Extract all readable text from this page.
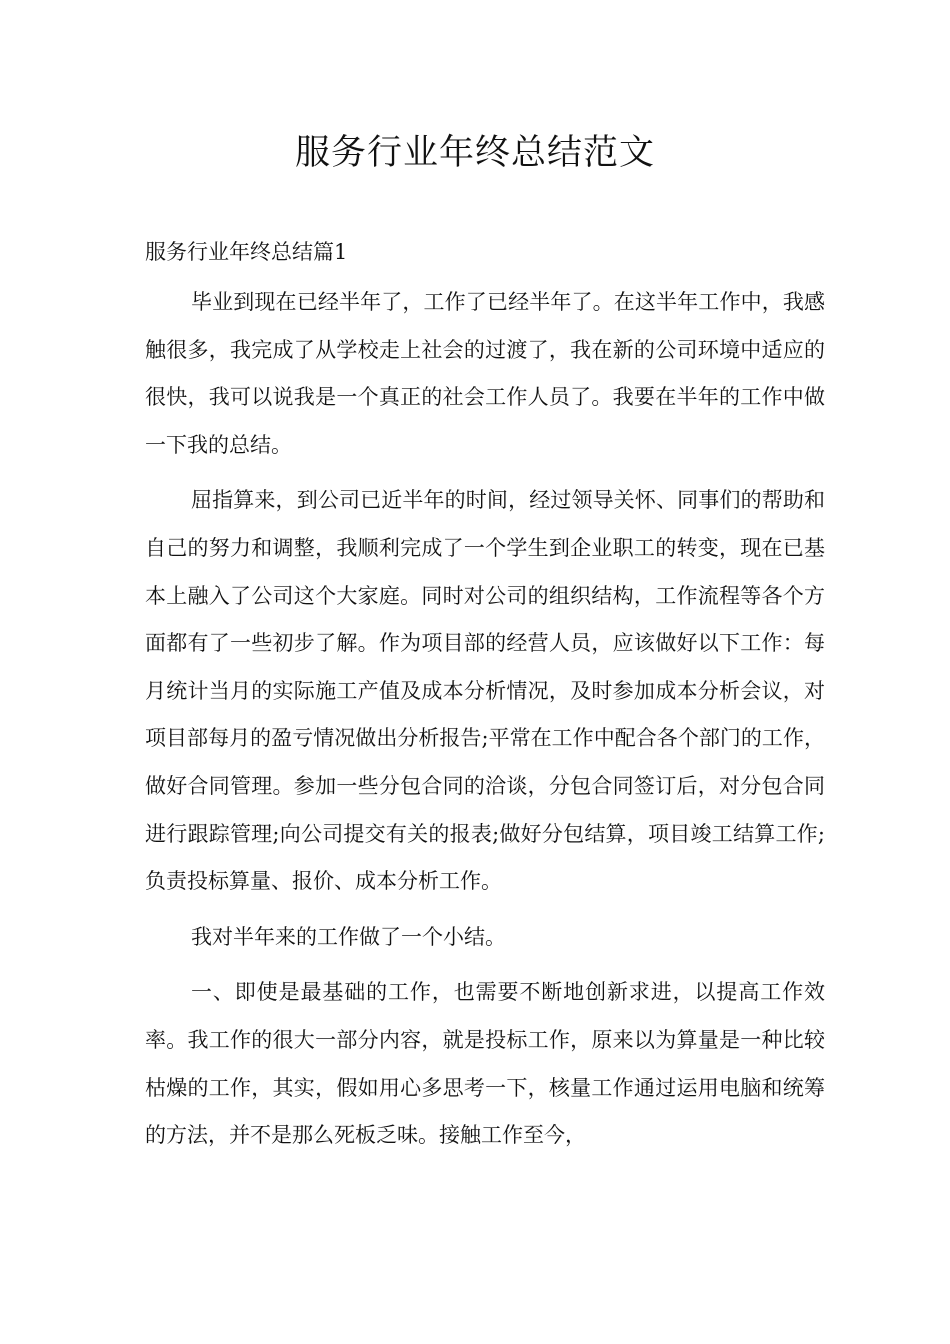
服务行业年终总结范文

服务行业年终总结篇1

毕业到现在已经半年了，工作了已经半年了。在这半年工作中，我感触很多，我完成了从学校走上社会的过渡了，我在新的公司环境中适应的很快，我可以说我是一个真正的社会工作人员了。我要在半年的工作中做一下我的总结。

屈指算来，到公司已近半年的时间，经过领导关怀、同事们的帮助和自己的努力和调整，我顺利完成了一个学生到企业职工的转变，现在已基本上融入了公司这个大家庭。同时对公司的组织结构，工作流程等各个方面都有了一些初步了解。作为项目部的经营人员，应该做好以下工作：每月统计当月的实际施工产值及成本分析情况，及时参加成本分析会议，对项目部每月的盈亏情况做出分析报告;平常在工作中配合各个部门的工作，做好合同管理。参加一些分包合同的洽谈，分包合同签订后，对分包合同进行跟踪管理;向公司提交有关的报表;做好分包结算，项目竣工结算工作;负责投标算量、报价、成本分析工作。

我对半年来的工作做了一个小结。

一、即使是最基础的工作，也需要不断地创新求进，以提高工作效率。我工作的很大一部分内容，就是投标工作，原来以为算量是一种比较枯燥的工作，其实，假如用心多思考一下，核量工作通过运用电脑和统筹的方法，并不是那么死板乏味。接触工作至今，
